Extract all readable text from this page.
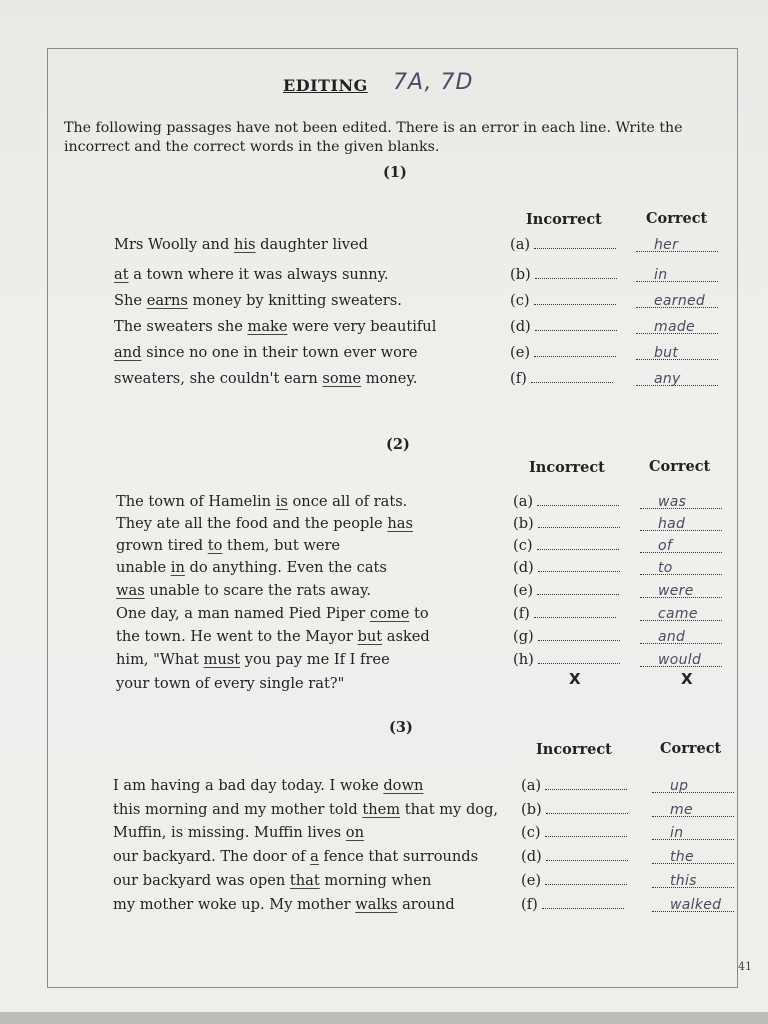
EDITING 7A, 7D
The following passages have not been edited. There is an error in each line. Write the incorrect and the correct words in the given blanks.
(1)
Incorrect	Correct
Mrs Woolly and his daughter lived	(a)	her
at a town where it was always sunny.	(b)	in
She earns money by knitting sweaters.	(c)	earned
The sweaters she make were very beautiful	(d)	made
and since no one in their town ever wore	(e)	but
sweaters, she couldn't earn some money.	(f)	any
(2)
Incorrect	Correct
The town of Hamelin is once all of rats.	(a)	was
They ate all the food and the people has	(b)	had
grown tired to them, but were	(c)	of
unable in do anything. Even the cats	(d)	to
was unable to scare the rats away.	(e)	were
One day, a man named Pied Piper come to	(f)	came
the town. He went to the Mayor but asked	(g)	and
him, "What must you pay me If I free	(h)	would
your town of every single rat?"	X	X
(3)
Incorrect	Correct
I am having a bad day today. I woke down	(a)	up
this morning and my mother told them that my dog, (b)	me
Muffin, is missing. Muffin lives on	(c)	in
our backyard. The door of a fence that surrounds	(d)	the
our backyard was open that morning when	(e)	this
my mother woke up. My mother walks around	(f)	walked
41
